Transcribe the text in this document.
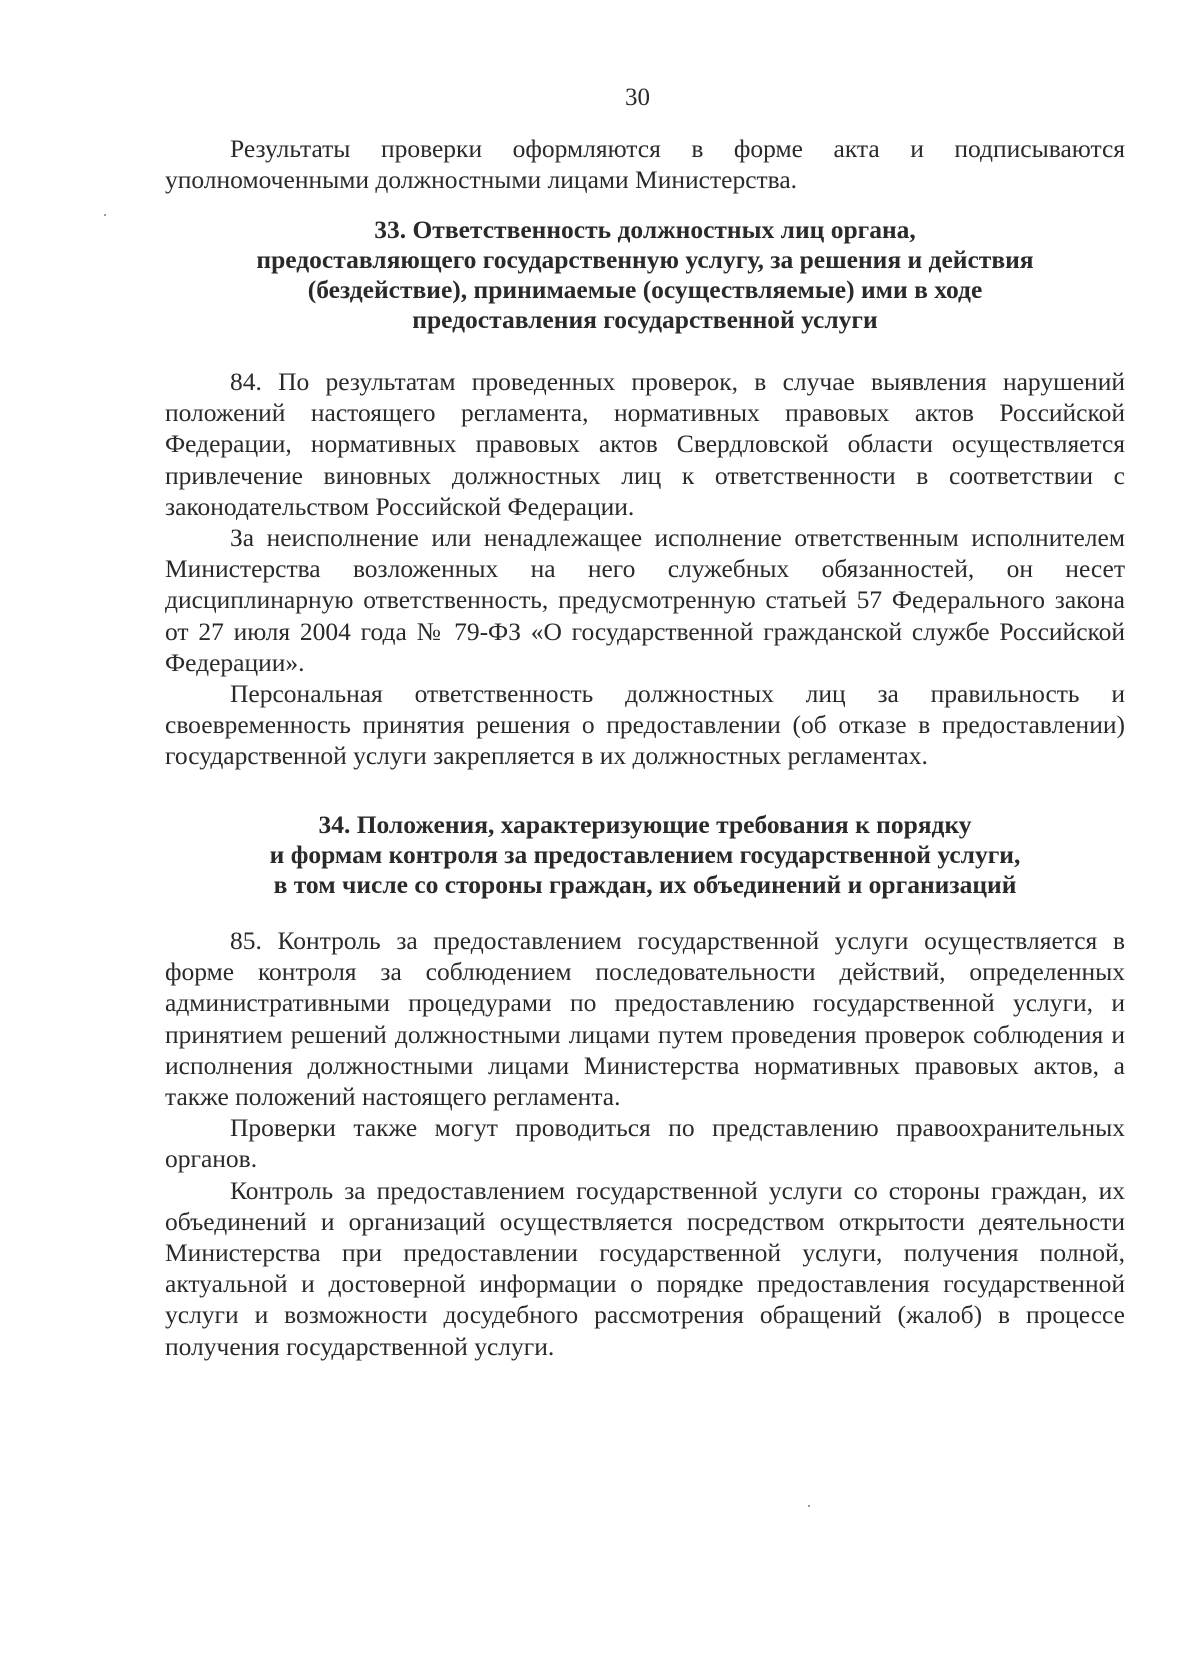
30

Результаты проверки оформляются в форме акта и подписываются уполномоченными должностными лицами Министерства.

33. Ответственность должностных лиц органа,
предоставляющего государственную услугу, за решения и действия
(бездействие), принимаемые (осуществляемые) ими в ходе
предоставления государственной услуги

84. По результатам проведенных проверок, в случае выявления нарушений положений настоящего регламента, нормативных правовых актов Российской Федерации, нормативных правовых актов Свердловской области осуществляется привлечение виновных должностных лиц к ответственности в соответствии с законодательством Российской Федерации.

За неисполнение или ненадлежащее исполнение ответственным исполнителем Министерства возложенных на него служебных обязанностей, он несет дисциплинарную ответственность, предусмотренную статьей 57 Федерального закона от 27 июля 2004 года № 79-ФЗ «О государственной гражданской службе Российской Федерации».

Персональная ответственность должностных лиц за правильность и своевременность принятия решения о предоставлении (об отказе в предоставлении) государственной услуги закрепляется в их должностных регламентах.

34. Положения, характеризующие требования к порядку
и формам контроля за предоставлением государственной услуги,
в том числе со стороны граждан, их объединений и организаций

85. Контроль за предоставлением государственной услуги осуществляется в форме контроля за соблюдением последовательности действий, определенных административными процедурами по предоставлению государственной услуги, и принятием решений должностными лицами путем проведения проверок соблюдения и исполнения должностными лицами Министерства нормативных правовых актов, а также положений настоящего регламента.

Проверки также могут проводиться по представлению правоохранительных органов.

Контроль за предоставлением государственной услуги со стороны граждан, их объединений и организаций осуществляется посредством открытости деятельности Министерства при предоставлении государственной услуги, получения полной, актуальной и достоверной информации о порядке предоставления государственной услуги и возможности досудебного рассмотрения обращений (жалоб) в процессе получения государственной услуги.
